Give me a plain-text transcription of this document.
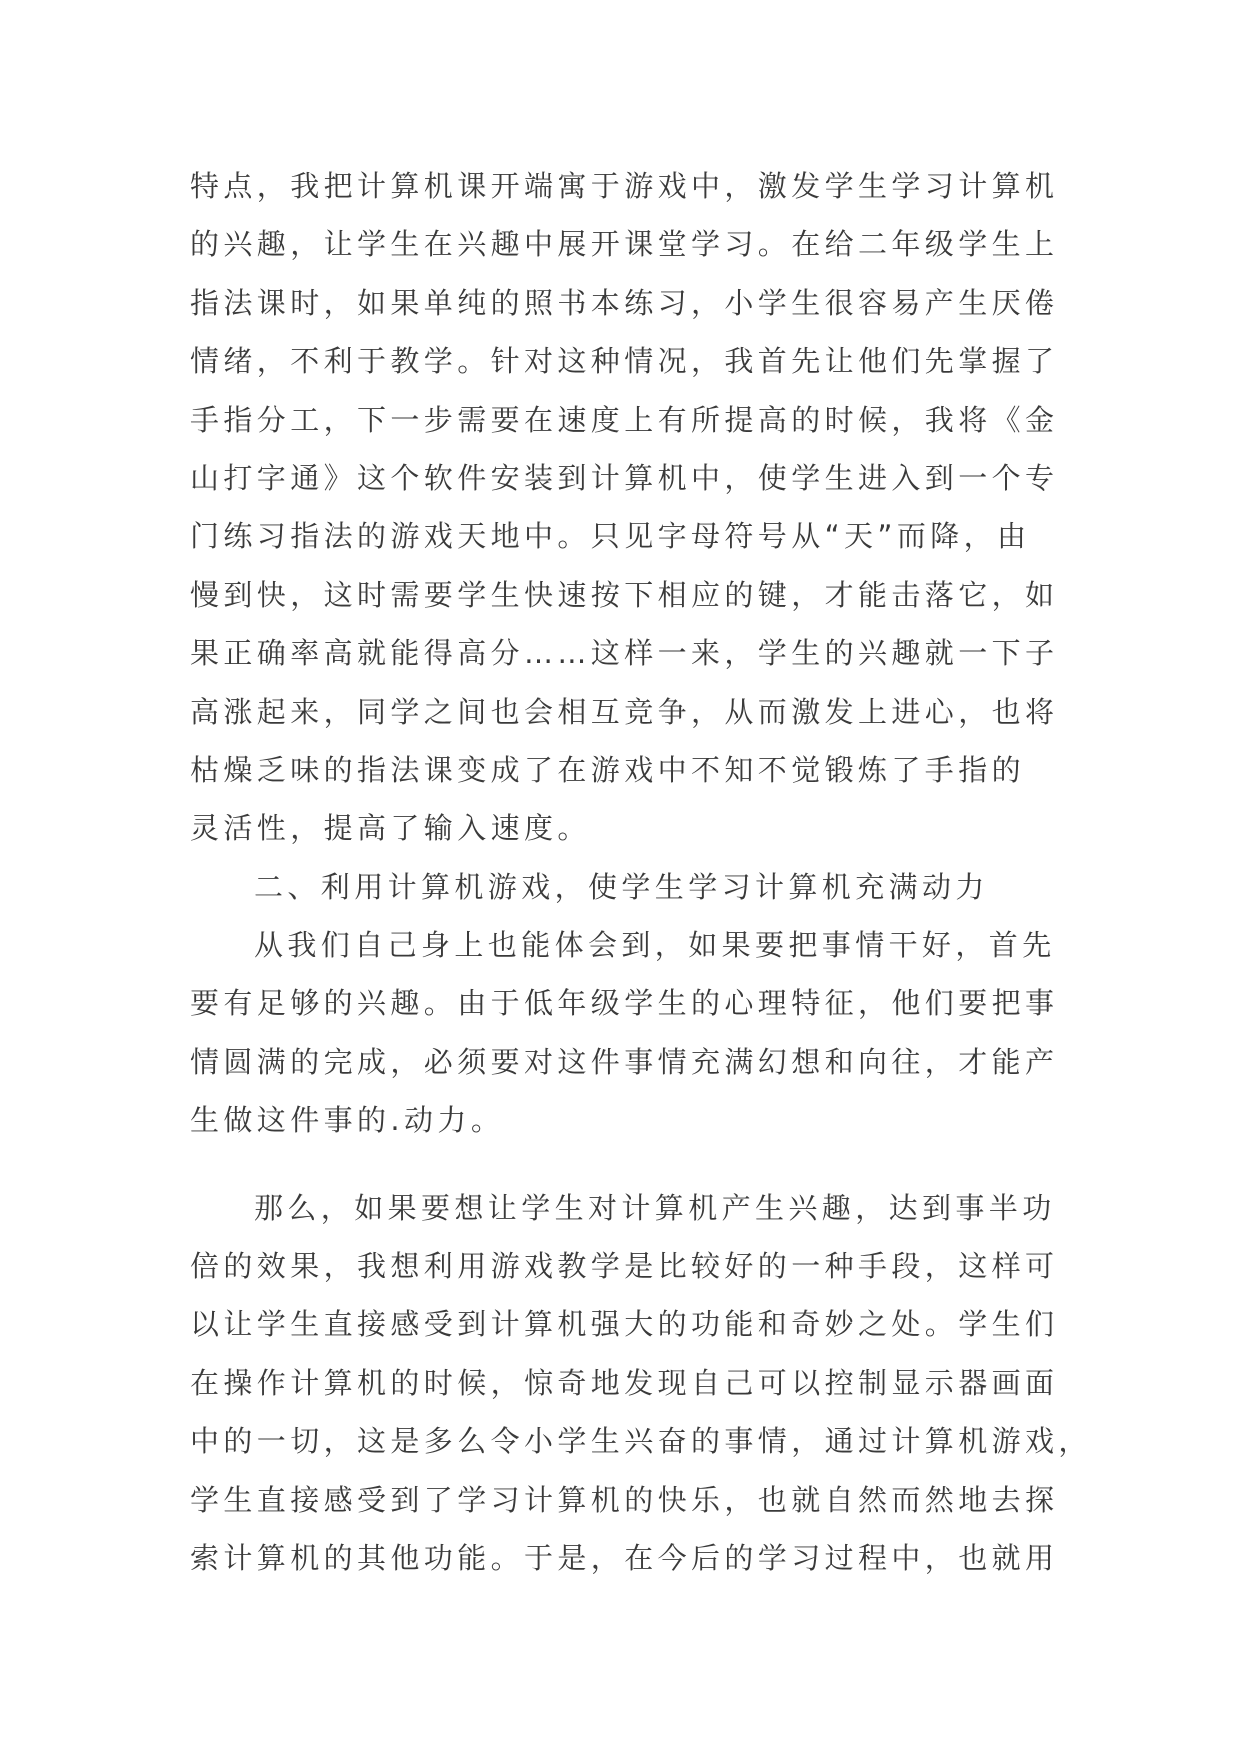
特点，我把计算机课开端寓于游戏中，激发学生学习计算机
的兴趣，让学生在兴趣中展开课堂学习。在给二年级学生上
指法课时，如果单纯的照书本练习，小学生很容易产生厌倦
情绪，不利于教学。针对这种情况，我首先让他们先掌握了
手指分工，下一步需要在速度上有所提高的时候，我将《金
山打字通》这个软件安装到计算机中，使学生进入到一个专
门练习指法的游戏天地中。只见字母符号从“天”而降，由
慢到快，这时需要学生快速按下相应的键，才能击落它，如
果正确率高就能得高分……这样一来，学生的兴趣就一下子
高涨起来，同学之间也会相互竞争，从而激发上进心，也将
枯燥乏味的指法课变成了在游戏中不知不觉锻炼了手指的
灵活性，提高了输入速度。
二、利用计算机游戏，使学生学习计算机充满动力
从我们自己身上也能体会到，如果要把事情干好，首先
要有足够的兴趣。由于低年级学生的心理特征，他们要把事
情圆满的完成，必须要对这件事情充满幻想和向往，才能产
生做这件事的.动力。
那么，如果要想让学生对计算机产生兴趣，达到事半功
倍的效果，我想利用游戏教学是比较好的一种手段，这样可
以让学生直接感受到计算机强大的功能和奇妙之处。学生们
在操作计算机的时候，惊奇地发现自己可以控制显示器画面
中的一切，这是多么令小学生兴奋的事情，通过计算机游戏，
学生直接感受到了学习计算机的快乐，也就自然而然地去探
索计算机的其他功能。于是，在今后的学习过程中，也就用
